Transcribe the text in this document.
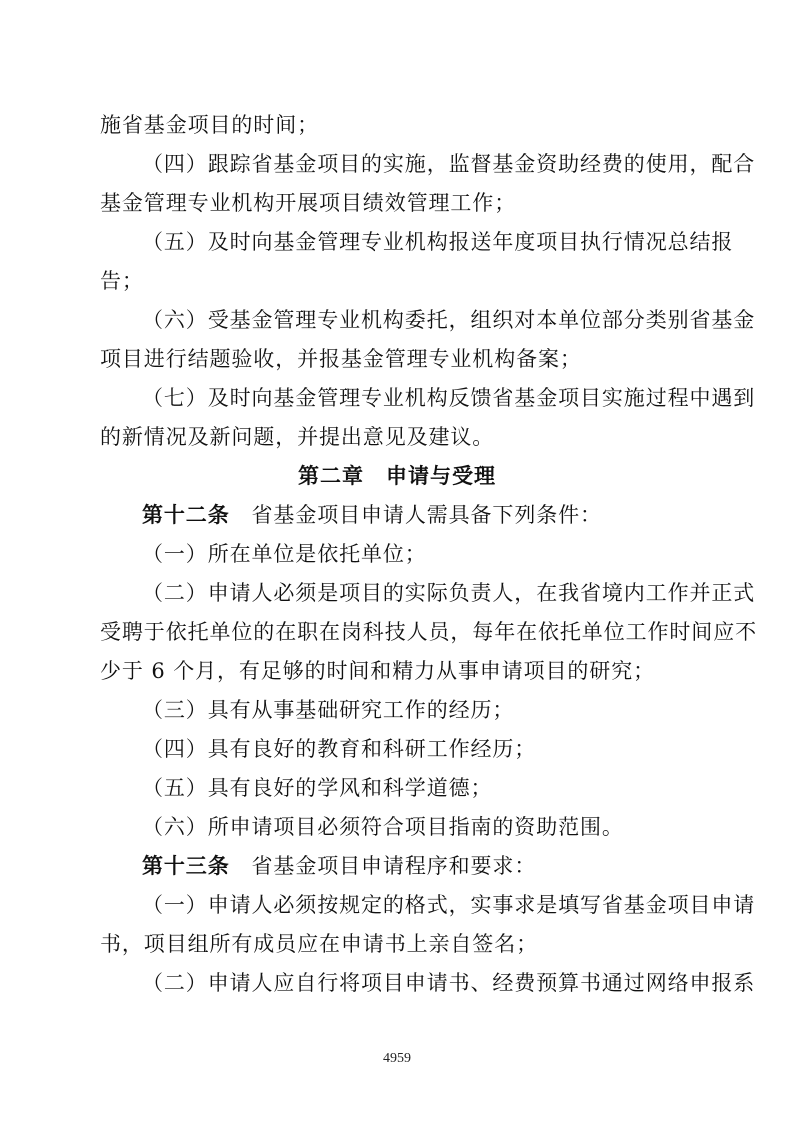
施省基金项目的时间；
（四）跟踪省基金项目的实施，监督基金资助经费的使用，配合
基金管理专业机构开展项目绩效管理工作；
（五）及时向基金管理专业机构报送年度项目执行情况总结报
告；
（六）受基金管理专业机构委托，组织对本单位部分类别省基金
项目进行结题验收，并报基金管理专业机构备案；
（七）及时向基金管理专业机构反馈省基金项目实施过程中遇到
的新情况及新问题，并提出意见及建议。
第二章　申请与受理
第十二条　 省基金项目申请人需具备下列条件：
（一）所在单位是依托单位；
（二）申请人必须是项目的实际负责人，在我省境内工作并正式
受聘于依托单位的在职在岗科技人员，每年在依托单位工作时间应不
少于 6 个月，有足够的时间和精力从事申请项目的研究；
（三）具有从事基础研究工作的经历；
（四）具有良好的教育和科研工作经历；
（五）具有良好的学风和科学道德；
（六）所申请项目必须符合项目指南的资助范围。
第十三条　 省基金项目申请程序和要求：
（一）申请人必须按规定的格式，实事求是填写省基金项目申请
书，项目组所有成员应在申请书上亲自签名；
（二）申请人应自行将项目申请书、经费预算书通过网络申报系
4959
